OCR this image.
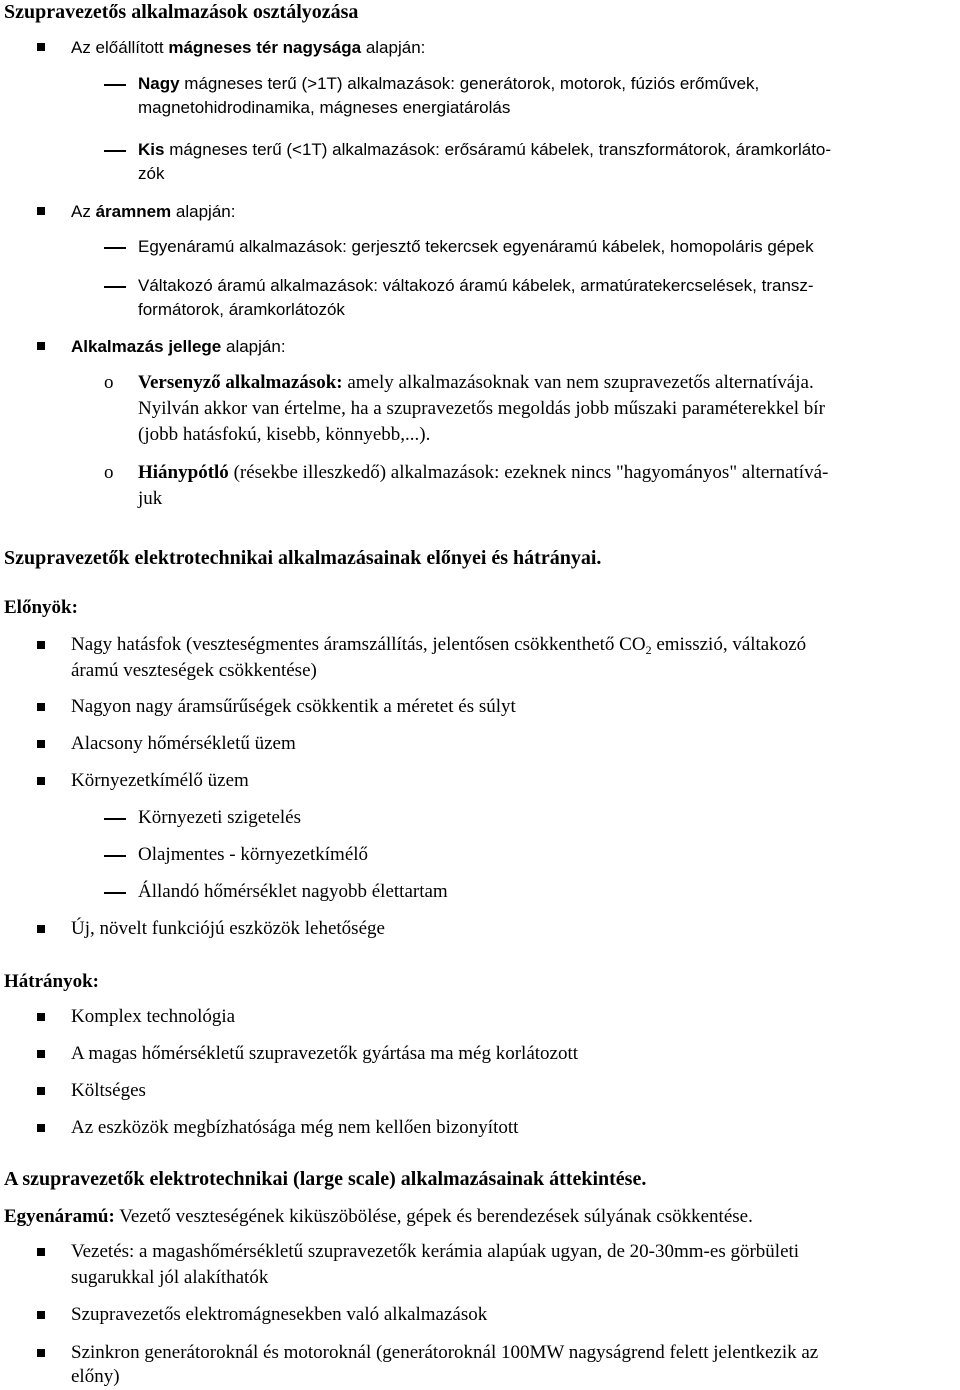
Szupravezetős alkalmazások osztályozása
Az előállított mágneses tér nagysága alapján:
Nagy mágneses terű (>1T) alkalmazások: generátorok, motorok, fúziós erőművek,
magnetohidrodinamika, mágneses energiatárolás
Kis mágneses terű (<1T) alkalmazások: erősáramú kábelek, transzformátorok, áramkorláto-
zók
Az áramnem alapján:
Egyenáramú alkalmazások: gerjesztő tekercsek egyenáramú kábelek, homopoláris gépek
Váltakozó áramú alkalmazások: váltakozó áramú kábelek, armatúratekercselések, transz-
formátorok, áramkorlátozók
Alkalmazás jellege alapján:
o Versenyző alkalmazások: amely alkalmazásoknak van nem szupravezetős alternatívája.
Nyilván akkor van értelme, ha a szupravezetős megoldás jobb műszaki paraméterekkel bír
(jobb hatásfokú, kisebb, könnyebb,...).
o Hiánypótló (résekbe illeszkedő) alkalmazások: ezeknek nincs "hagyományos" alternatívá-
juk
Szupravezetők elektrotechnikai alkalmazásainak előnyei és hátrányai.
Előnyök:
Nagy hatásfok (veszteségmentes áramszállítás, jelentősen csökkenthető $CO_2$ emisszió, váltakozó
áramú veszteségek csökkentése)
Nagyon nagy áramsűrűségek csökkentik a méretet és súlyt
Alacsony hőmérsékletű üzem
Környezetkímélő üzem
Környezeti szigetelés
Olajmentes - környezetkímélő
Állandó hőmérséklet nagyobb élettartam
Új, növelt funkciójú eszközök lehetősége
Hátrányok:
Komplex technológia
A magas hőmérsékletű szupravezetők gyártása ma még korlátozott
Költséges
Az eszközök megbízhatósága még nem kellően bizonyított
A szupravezetők elektrotechnikai (large scale) alkalmazásainak áttekintése.
Egyenáramú: Vezető veszteségének kiküszöbölése, gépek és berendezések súlyának csökkentése.
Vezetés: a magashőmérsékletű szupravezetők kerámia alapúak ugyan, de 20-30mm-es görbületi
sugarukkal jól alakíthatók
Szupravezetős elektromágnesekben való alkalmazások
Szinkron generátoroknál és motoroknál (generátoroknál 100MW nagyságrend felett jelentkezik az
előny)
